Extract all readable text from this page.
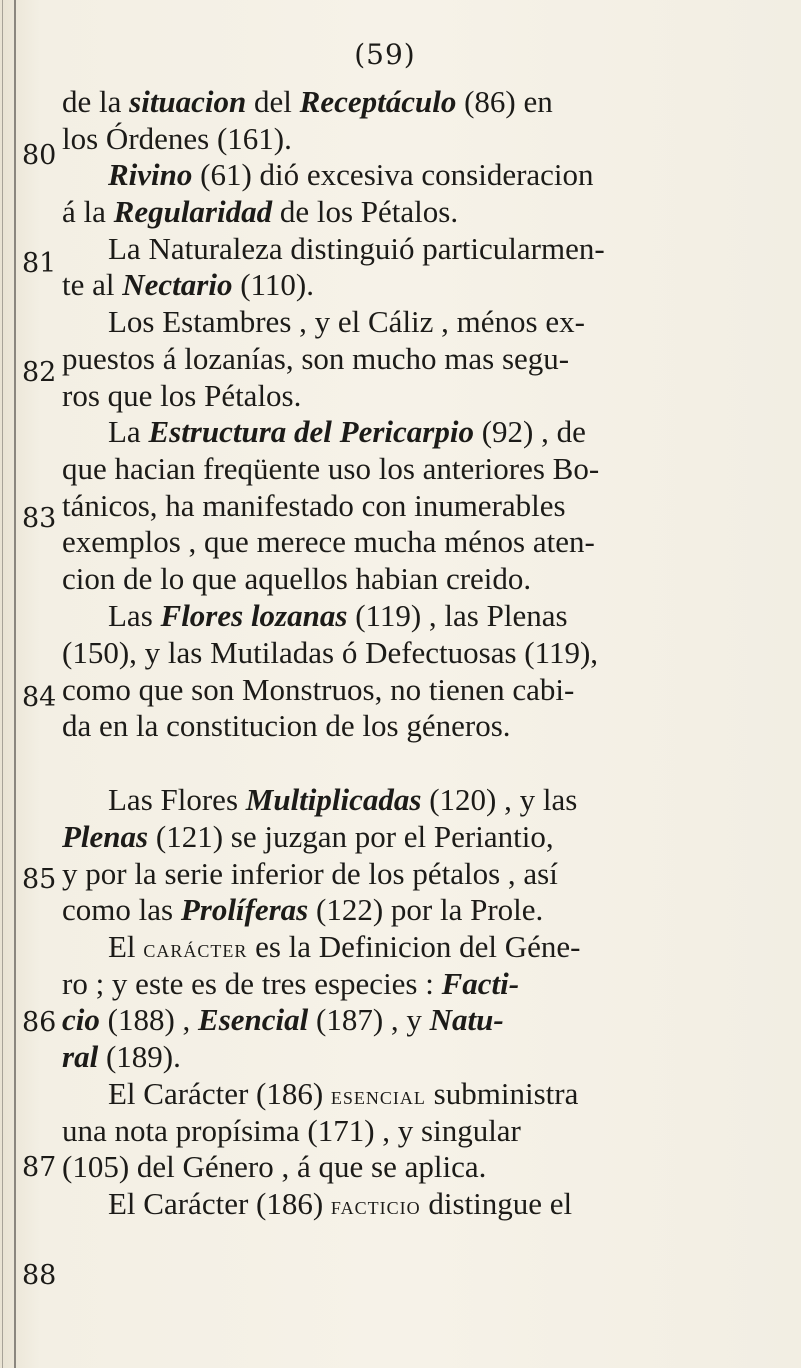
(59)
80
81
82
83
84
85
86
87
88
de la situacion del Receptáculo (86) en
los Órdenes (161).
Rivino (61) dió excesiva consideracion
á la Regularidad de los Pétalos.
La Naturaleza distinguió particularmen-
te al Nectario (110).
Los Estambres , y el Cáliz , ménos ex-
puestos á lozanías, son mucho mas segu-
ros que los Pétalos.
La Estructura del Pericarpio (92) , de
que hacian freqüente uso los anteriores Bo-
tánicos, ha manifestado con inumerables
exemplos , que merece mucha ménos aten-
cion de lo que aquellos habian creido.
Las Flores lozanas (119) , las Plenas
(150), y las Mutiladas ó Defectuosas (119),
como que son Monstruos, no tienen cabi-
da en la constitucion de los géneros.
Las Flores Multiplicadas (120) , y las
Plenas (121) se juzgan por el Periantio,
y por la serie inferior de los pétalos , así
como las Prolíferas (122) por la Prole.
El carácter es la Definicion del Géne-
ro ; y este es de tres especies : Facti-
cio (188) , Esencial (187) , y Natu-
ral (189).
El Carácter (186) esencial subministra
una nota propísima (171) , y singular
(105) del Género , á que se aplica.
El Carácter (186) facticio distingue el
